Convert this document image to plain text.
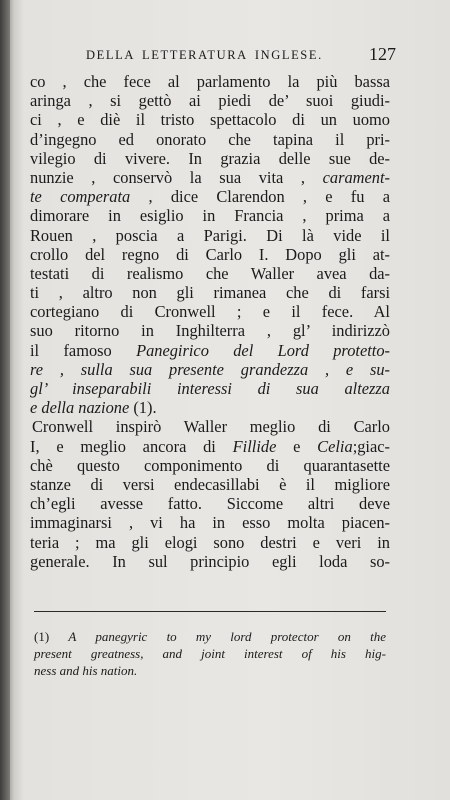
DELLA LETTERATURA INGLESE.	127
co , che fece al parlamento la più bassa
aringa , si gettò ai piedi de’ suoi giudi-
ci , e diè il tristo spettacolo di un uomo
d’ingegno ed onorato che tapina il pri-
vilegio di vivere. In grazia delle sue de-
nunzie , conservò la sua vita , carament-
te comperata , dice Clarendon , e fu a
dimorare in esiglio in Francia , prima a
Rouen , poscia a Parigi. Di là vide il
crollo del regno di Carlo I. Dopo gli at-
testati di realismo che Waller avea da-
ti , altro non gli rimanea che di farsi
cortegiano di Cronwell ; e il fece. Al
suo ritorno in Inghilterra , gl’ indirizzò
il famoso Panegirico del Lord protetto-
re , sulla sua presente grandezza , e su-
gl’ inseparabili interessi di sua altezza
e della nazione (1).
Cronwell inspirò Waller meglio di Carlo
I, e meglio ancora di Fillide e Celia;giac-
chè questo componimento di quarantasette
stanze di versi endecasillabi è il migliore
ch’egli avesse fatto. Siccome altri deve
immaginarsi , vi ha in esso molta piacen-
teria ; ma gli elogi sono destri e veri in
generale. In sul principio egli loda so-
(1) A panegyric to my lord protector on the
present greatness, and joint interest of his hig-
ness and his nation.
